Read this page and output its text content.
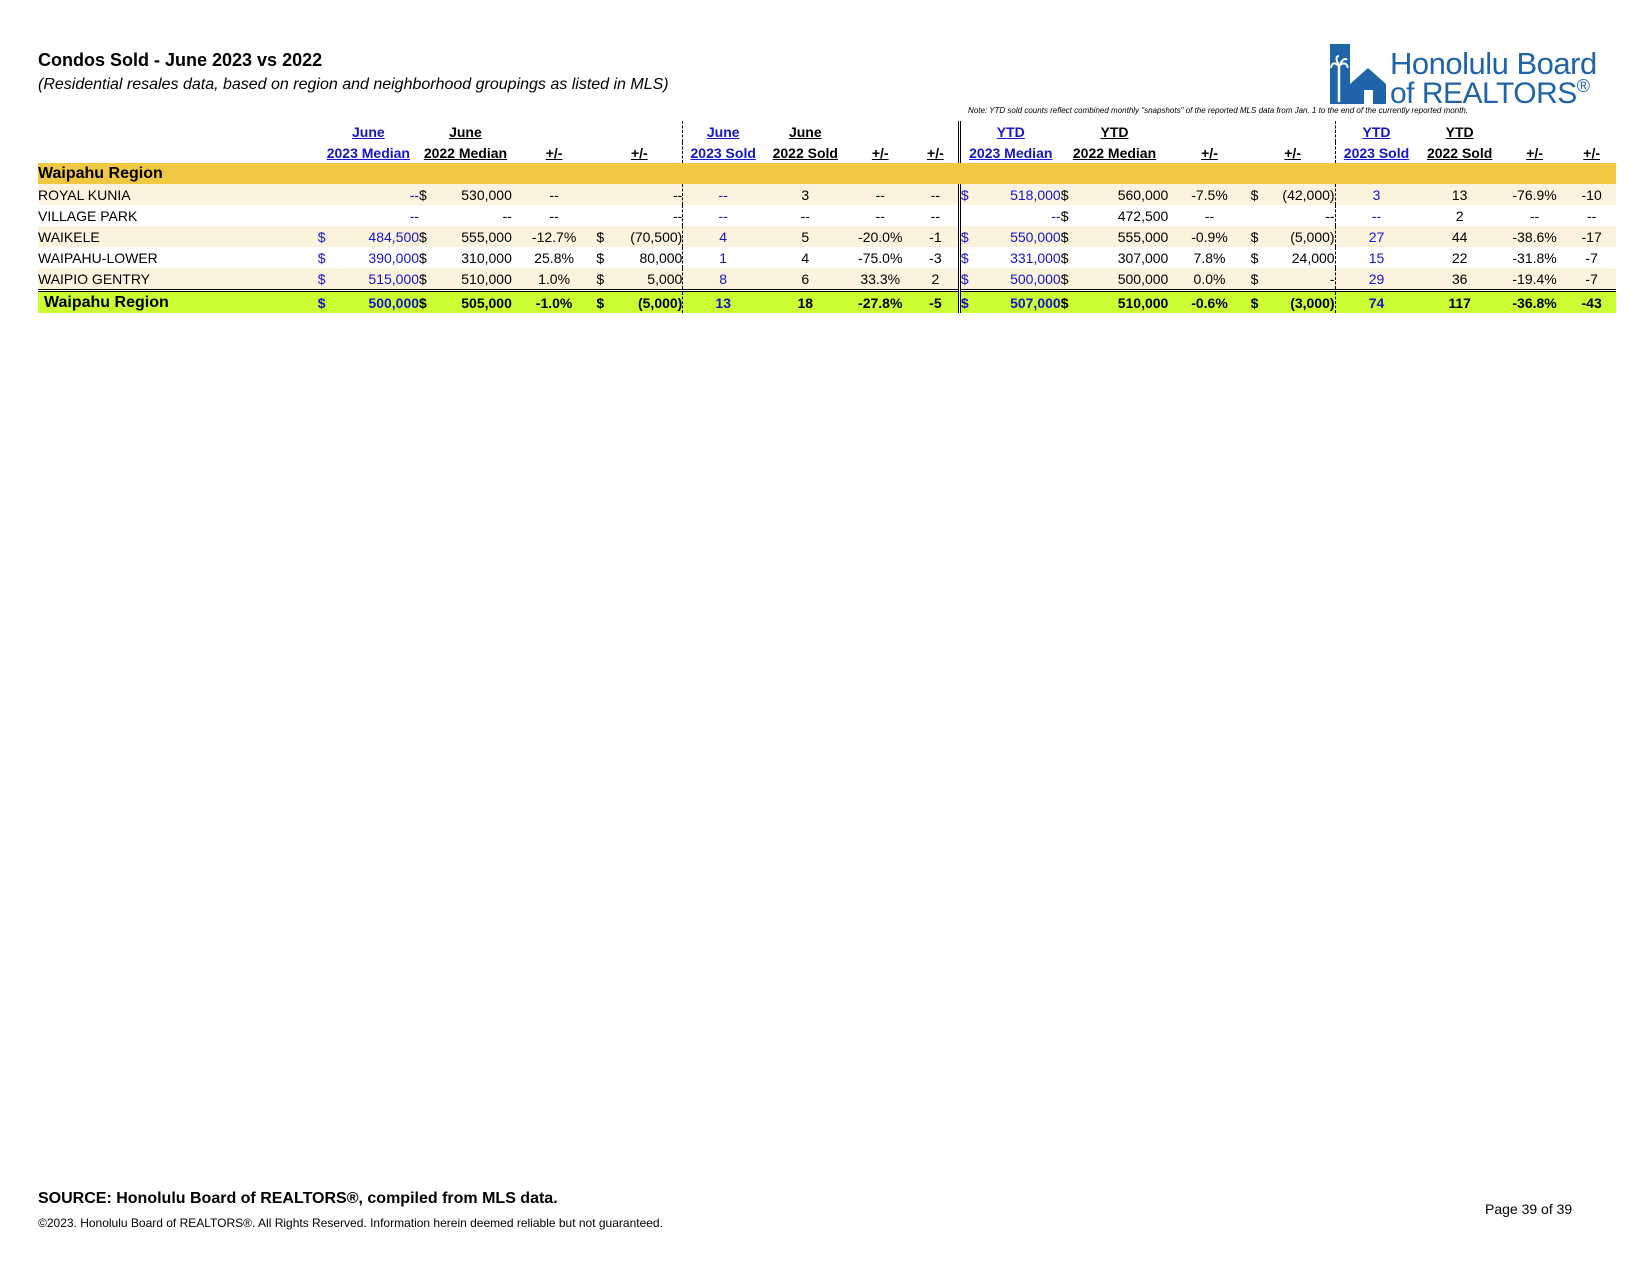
Condos Sold - June 2023 vs 2022
(Residential resales data, based on region and neighborhood groupings as listed in MLS)
Honolulu Board
of REALTORS®
Note: YTD sold counts reflect combined monthly "snapshots" of the reported MLS data from Jan. 1 to the end of the currently reported month.
	June		June					June	June			YTD		YTD					YTD	YTD		
	2023 Median		2022 Median		+/-	+/-		2023 Sold	2022 Sold	+/-	+/-	2023 Median		2022 Median		+/-	+/-		2023 Sold	2022 Sold	+/-	+/-
Waipahu Region																						
ROYAL KUNIA		--	$	530,000	--		--	--	3	--	--	$	518,000	$	560,000	-7.5%	$	(42,000)	3	13	-76.9%	-10
VILLAGE PARK		--		--	--		--	--	--	--	--		--	$	472,500	--		--	--	2	--	--
WAIKELE	$	484,500	$	555,000	-12.7%	$	(70,500)	4	5	-20.0%	-1	$	550,000	$	555,000	-0.9%	$	(5,000)	27	44	-38.6%	-17
WAIPAHU-LOWER	$	390,000	$	310,000	25.8%	$	80,000	1	4	-75.0%	-3	$	331,000	$	307,000	7.8%	$	24,000	15	22	-31.8%	-7
WAIPIO GENTRY	$	515,000	$	510,000	1.0%	$	5,000	8	6	33.3%	2	$	500,000	$	500,000	0.0%	$	-	29	36	-19.4%	-7
Waipahu Region	$	500,000	$	505,000	-1.0%	$	(5,000)	13	18	-27.8%	-5	$	507,000	$	510,000	-0.6%	$	(3,000)	74	117	-36.8%	-43
SOURCE: Honolulu Board of REALTORS®, compiled from MLS data.
©2023. Honolulu Board of REALTORS®. All Rights Reserved. Information herein deemed reliable but not guaranteed.
Page 39 of 39
